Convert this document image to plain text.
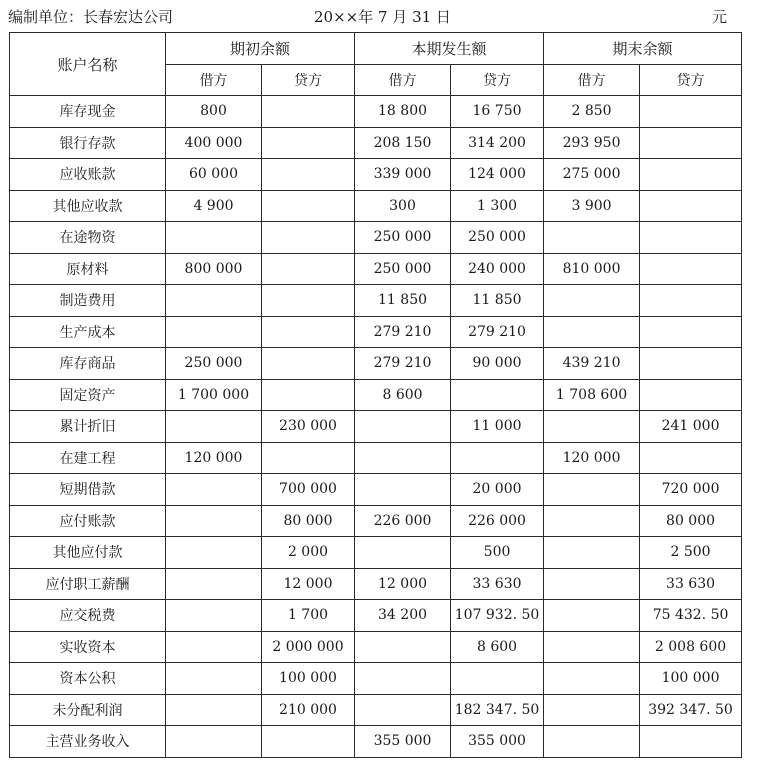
编制单位：长春宏达公司	20××年 7 月 31 日	元
账户名称	期初余额		本期发生额		期末余额	
	借方	贷方	借方	贷方	借方	贷方
库存现金	800		18 800	16 750	2 850	
银行存款	400 000		208 150	314 200	293 950	
应收账款	60 000		339 000	124 000	275 000	
其他应收款	4 900		300	1 300	3 900	
在途物资			250 000	250 000		
原材料	800 000		250 000	240 000	810 000	
制造费用			11 850	11 850		
生产成本			279 210	279 210		
库存商品	250 000		279 210	90 000	439 210	
固定资产	1 700 000		8 600		1 708 600	
累计折旧		230 000		11 000		241 000
在建工程	120 000				120 000	
短期借款		700 000		20 000		720 000
应付账款		80 000	226 000	226 000		80 000
其他应付款		2 000		500		2 500
应付职工薪酬		12 000	12 000	33 630		33 630
应交税费		1 700	34 200	107 932. 50		75 432. 50
实收资本		2 000 000		8 600		2 008 600
资本公积		100 000				100 000
未分配利润		210 000		182 347. 50		392 347. 50
主营业务收入			355 000	355 000		
